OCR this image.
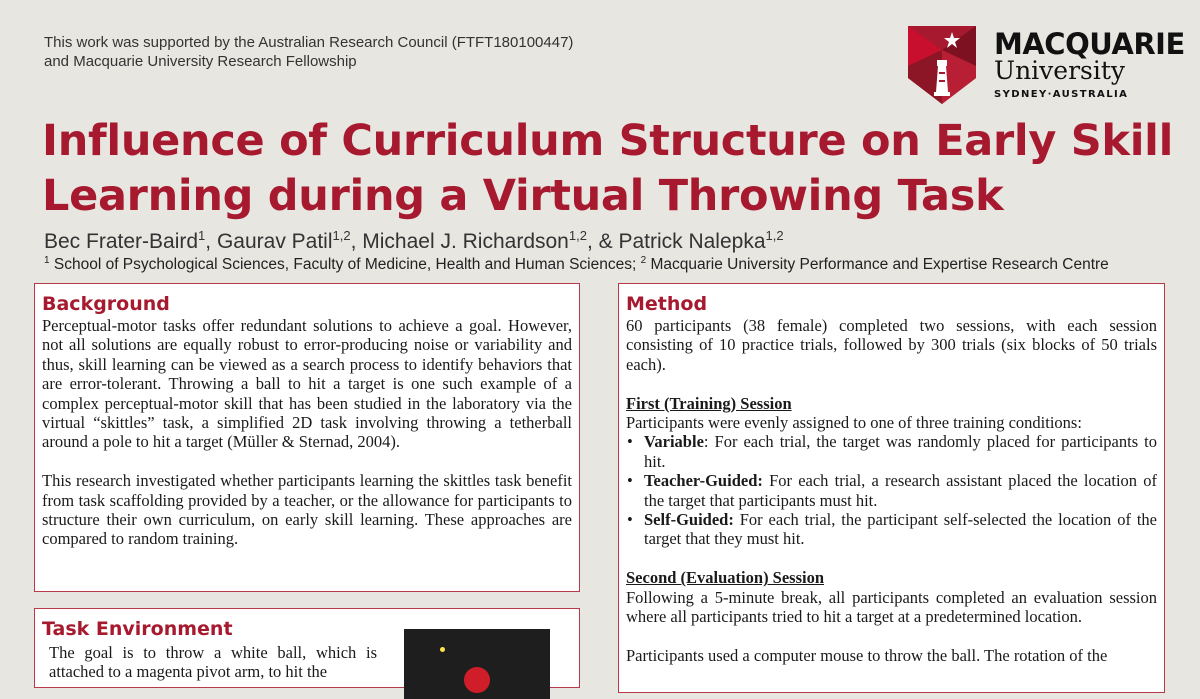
This work was supported by the Australian Research Council (FTFT180100447)
and Macquarie University Research Fellowship
MACQUARIE
University
SYDNEY·AUSTRALIA
Influence of Curriculum Structure on Early Skill
Learning during a Virtual Throwing Task
Bec Frater-Baird$^1$, Gaurav Patil$^{1,2}$, Michael J. Richardson$^{1,2}$, & Patrick Nalepka$^{1,2}$
$^1$ School of Psychological Sciences, Faculty of Medicine, Health and Human Sciences; $^2$ Macquarie University Performance and Expertise Research Centre
Background

Perceptual-motor tasks offer redundant solutions to achieve a goal. However, not all solutions are equally robust to error-producing noise or variability and thus, skill learning can be viewed as a search process to identify behaviors that are error-tolerant. Throwing a ball to hit a target is one such example of a complex perceptual-motor skill that has been studied in the laboratory via the virtual “skittles” task, a simplified 2D task involving throwing a tetherball around a pole to hit a target (Müller & Sternad, 2004).

This research investigated whether participants learning the skittles task benefit from task scaffolding provided by a teacher, or the allowance for participants to structure their own curriculum, on early skill learning. These approaches are compared to random training.

Task Environment

The goal is to throw a white ball, which is attached to a magenta pivot arm, to hit the

Method

60 participants (38 female) completed two sessions, with each session consisting of 10 practice trials, followed by 300 trials (six blocks of 50 trials each).

First (Training) Session

Participants were evenly assigned to one of three training conditions:

• Variable: For each trial, the target was randomly placed for participants to hit.
• Teacher-Guided: For each trial, a research assistant placed the location of the target that participants must hit.
• Self-Guided: For each trial, the participant self-selected the location of the target that they must hit.

Second (Evaluation) Session

Following a 5-minute break, all participants completed an evaluation session where all participants tried to hit a target at a predetermined location.

Participants used a computer mouse to throw the ball. The rotation of the
